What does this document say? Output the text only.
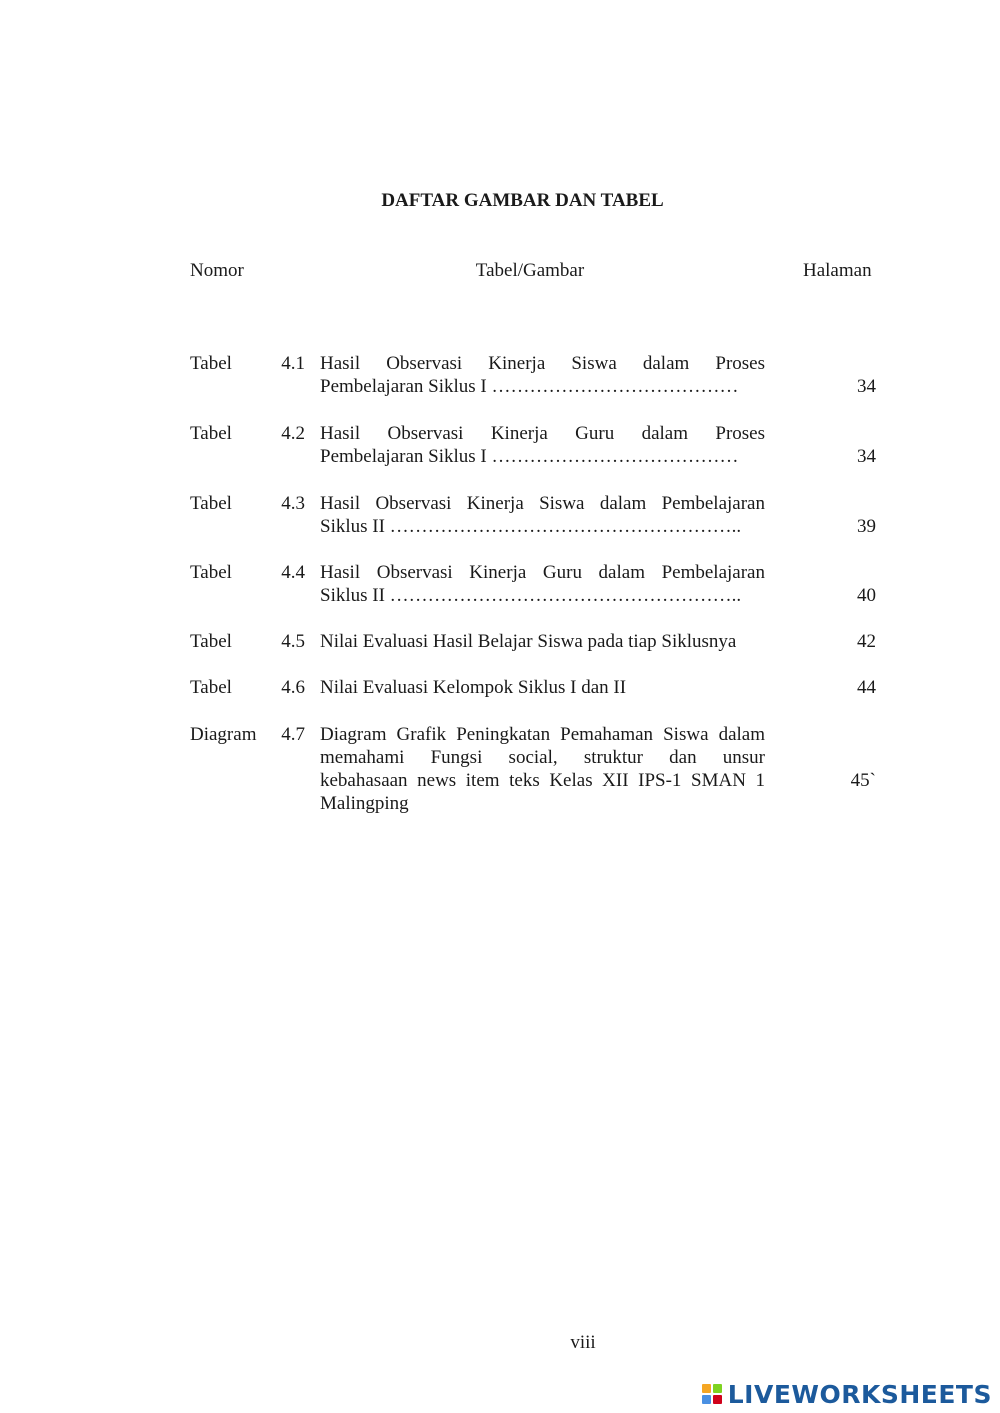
DAFTAR GAMBAR DAN TABEL
Nomor	Tabel/Gambar	Halaman
Tabel	4.1 Hasil Observasi Kinerja Siswa dalam Proses
Pembelajaran Siklus I …………………………………	34
Tabel	4.2 Hasil Observasi Kinerja Guru dalam Proses
Pembelajaran Siklus I …………………………………	34
Tabel	4.3 Hasil Observasi Kinerja Siswa dalam Pembelajaran
Siklus II ………………………………………………..	39
Tabel	4.4 Hasil Observasi Kinerja Guru dalam Pembelajaran
Siklus II ………………………………………………..	40
Tabel	4.5 Nilai Evaluasi Hasil Belajar Siswa pada tiap Siklusnya	42
Tabel	4.6 Nilai Evaluasi Kelompok Siklus I dan II	44
Diagram	4.7 Diagram Grafik Peningkatan Pemahaman Siswa dalam
memahami Fungsi social, struktur dan unsur
kebahasaan news item teks Kelas XII IPS-1 SMAN 1
Malingping
45`
viii
LIVEWORKSHEETS
